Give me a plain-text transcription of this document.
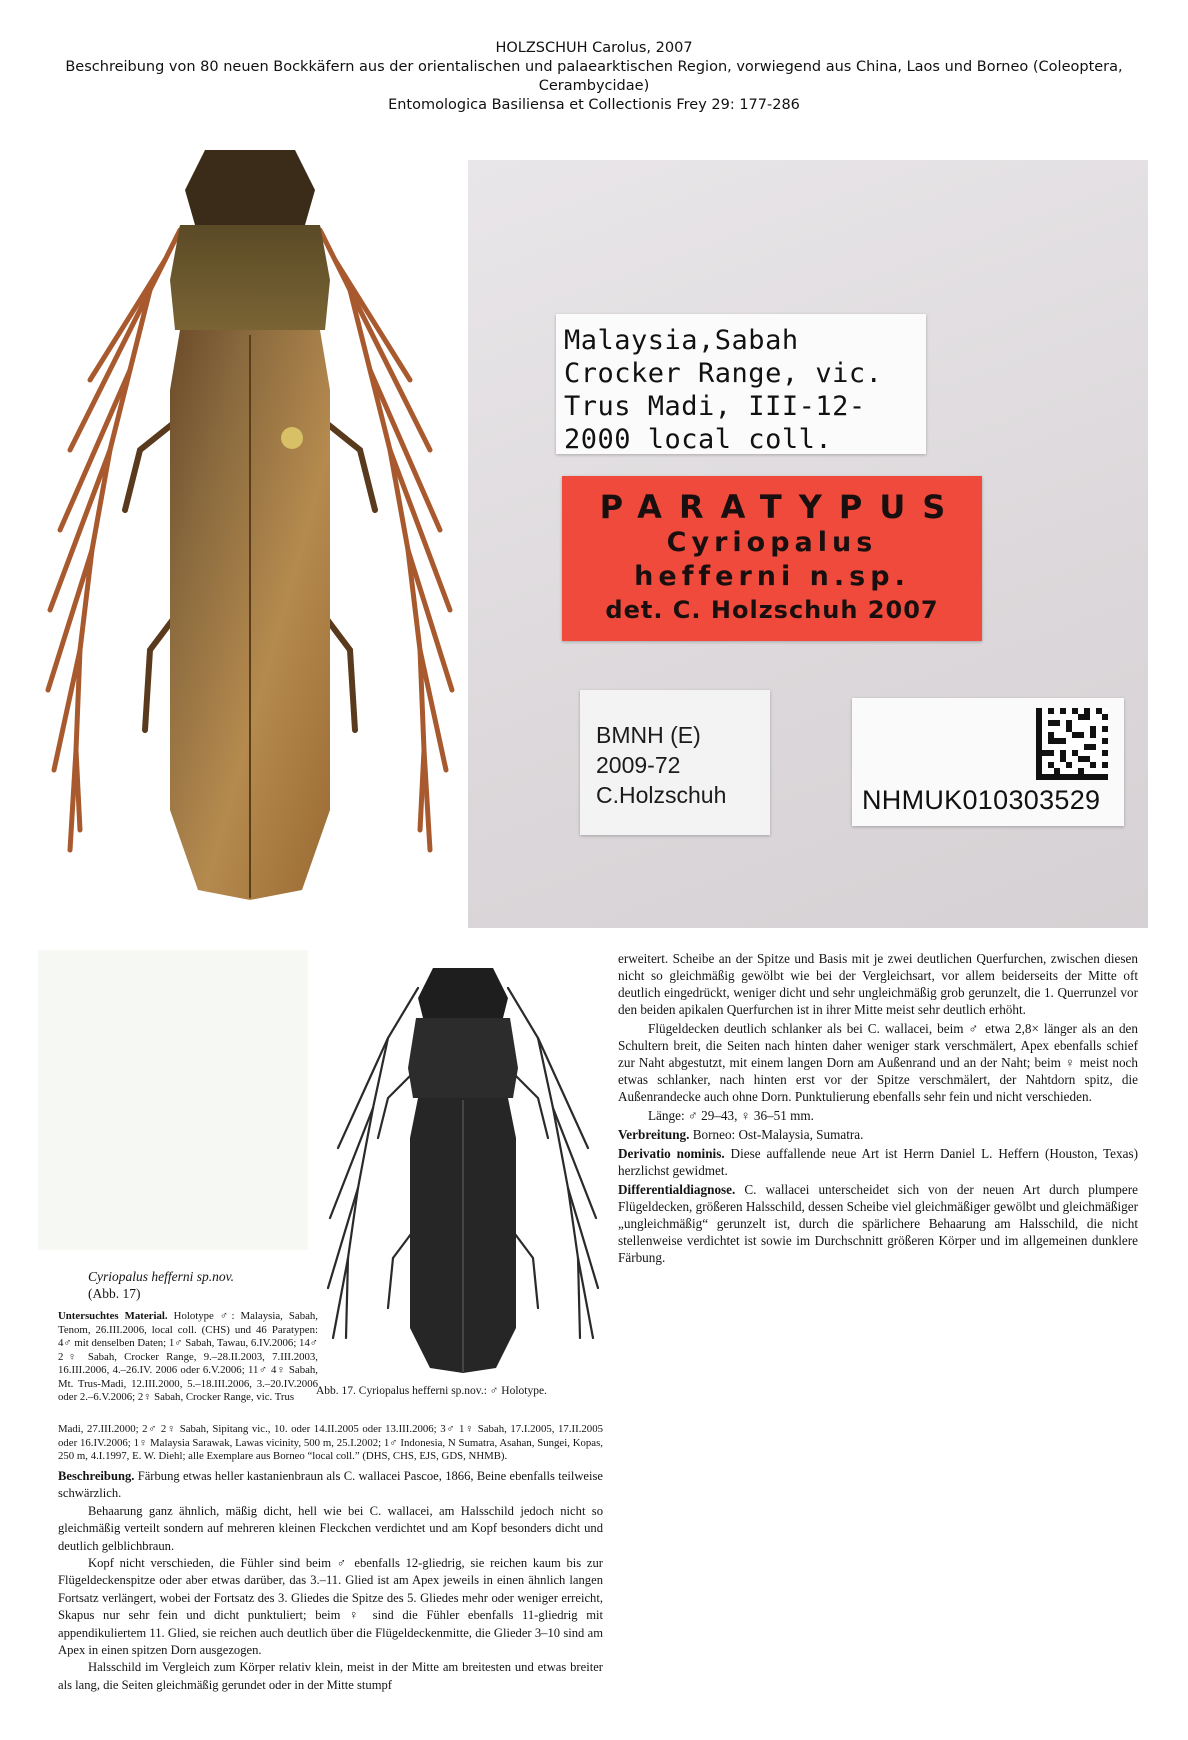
HOLZSCHUH Carolus, 2007
Beschreibung von 80 neuen Bockkäfern aus der orientalischen und palaearktischen Region, vorwiegend aus China, Laos und Borneo (Coleoptera,
Cerambycidae)
Entomologica Basiliensa et Collectionis Frey 29: 177-286
Malaysia,Sabah
Crocker Range, vic.
Trus Madi, III-12-
2000 local coll.
PARATYPUS
Cyriopalus
hefferni n.sp.
det. C. Holzschuh 2007
BMNH (E)
2009-72
C.Holzschuh	NHMUK010303529

erweitert. Scheibe an der Spitze und Basis mit je zwei deutlichen Querfurchen, zwischen diesen nicht so gleichmäßig gewölbt wie bei der Vergleichsart, vor allem beiderseits der Mitte oft deutlich eingedrückt, weniger dicht und sehr ungleichmäßig grob gerunzelt, die 1. Querrunzel vor den beiden apikalen Querfurchen ist in ihrer Mitte meist sehr deutlich erhöht.

Flügeldecken deutlich schlanker als bei C. wallacei, beim ♂ etwa 2,8× länger als an den Schultern breit, die Seiten nach hinten daher weniger stark verschmälert, Apex ebenfalls schief zur Naht abgestutzt, mit einem langen Dorn am Außenrand und an der Naht; beim ♀ meist noch etwas schlanker, nach hinten erst vor der Spitze verschmälert, der Nahtdorn spitz, die Außenrandecke auch ohne Dorn. Punktulierung ebenfalls sehr fein und nicht verschieden.

Länge: ♂ 29–43, ♀ 36–51 mm.

Verbreitung. Borneo: Ost-Malaysia, Sumatra.

Derivatio nominis. Diese auffallende neue Art ist Herrn Daniel L. Heffern (Houston, Texas) herzlichst gewidmet.

Differentialdiagnose. C. wallacei unterscheidet sich von der neuen Art durch plumpere Flügeldecken, größeren Halsschild, dessen Scheibe viel gleichmäßiger gewölbt und gleichmäßiger „ungleichmäßig“ gerunzelt ist, durch die spärlichere Behaarung am Halsschild, die nicht stellenweise verdichtet ist sowie im Durchschnitt größeren Körper und im allgemeinen dunklere Färbung.

Abb. 17. Cyriopalus hefferni sp.nov.: ♂ Holotype.
Cyriopalus hefferni sp.nov.
(Abb. 17)
Untersuchtes Material. Holotype ♂: Malaysia, Sabah, Tenom, 26.III.2006, local coll. (CHS) und 46 Paratypen: 4♂ mit denselben Daten; 1♂ Sabah, Tawau, 6.IV.2006; 14♂ 2♀ Sabah, Crocker Range, 9.–28.II.2003, 7.III.2003, 16.III.2006, 4.–26.IV. 2006 oder 6.V.2006; 11♂ 4♀ Sabah, Mt. Trus-Madi, 12.III.2000, 5.–18.III.2006, 3.–20.IV.2006 oder 2.–6.V.2006; 2♀ Sabah, Crocker Range, vic. Trus
Madi, 27.III.2000; 2♂ 2♀ Sabah, Sipitang vic., 10. oder 14.II.2005 oder 13.III.2006; 3♂ 1♀ Sabah, 17.I.2005, 17.II.2005 oder 16.IV.2006; 1♀ Malaysia Sarawak, Lawas vicinity, 500 m, 25.I.2002; 1♂ Indonesia, N Sumatra, Asahan, Sungei, Kopas, 250 m, 4.I.1997, E. W. Diehl; alle Exemplare aus Borneo “local coll.” (DHS, CHS, EJS, GDS, NHMB).

Beschreibung. Färbung etwas heller kastanienbraun als C. wallacei Pascoe, 1866, Beine ebenfalls teilweise schwärzlich.

Behaarung ganz ähnlich, mäßig dicht, hell wie bei C. wallacei, am Halsschild jedoch nicht so gleichmäßig verteilt sondern auf mehreren kleinen Fleckchen verdichtet und am Kopf besonders dicht und deutlich gelblichbraun.

Kopf nicht verschieden, die Fühler sind beim ♂ ebenfalls 12-gliedrig, sie reichen kaum bis zur Flügeldeckenspitze oder aber etwas darüber, das 3.–11. Glied ist am Apex jeweils in einen ähnlich langen Fortsatz verlängert, wobei der Fortsatz des 3. Gliedes die Spitze des 5. Gliedes mehr oder weniger erreicht, Skapus nur sehr fein und dicht punktuliert; beim ♀ sind die Fühler ebenfalls 11-gliedrig mit appendikuliertem 11. Glied, sie reichen auch deutlich über die Flügeldeckenmitte, die Glieder 3–10 sind am Apex in einen spitzen Dorn ausgezogen.

Halsschild im Vergleich zum Körper relativ klein, meist in der Mitte am breitesten und etwas breiter als lang, die Seiten gleichmäßig gerundet oder in der Mitte stumpf
